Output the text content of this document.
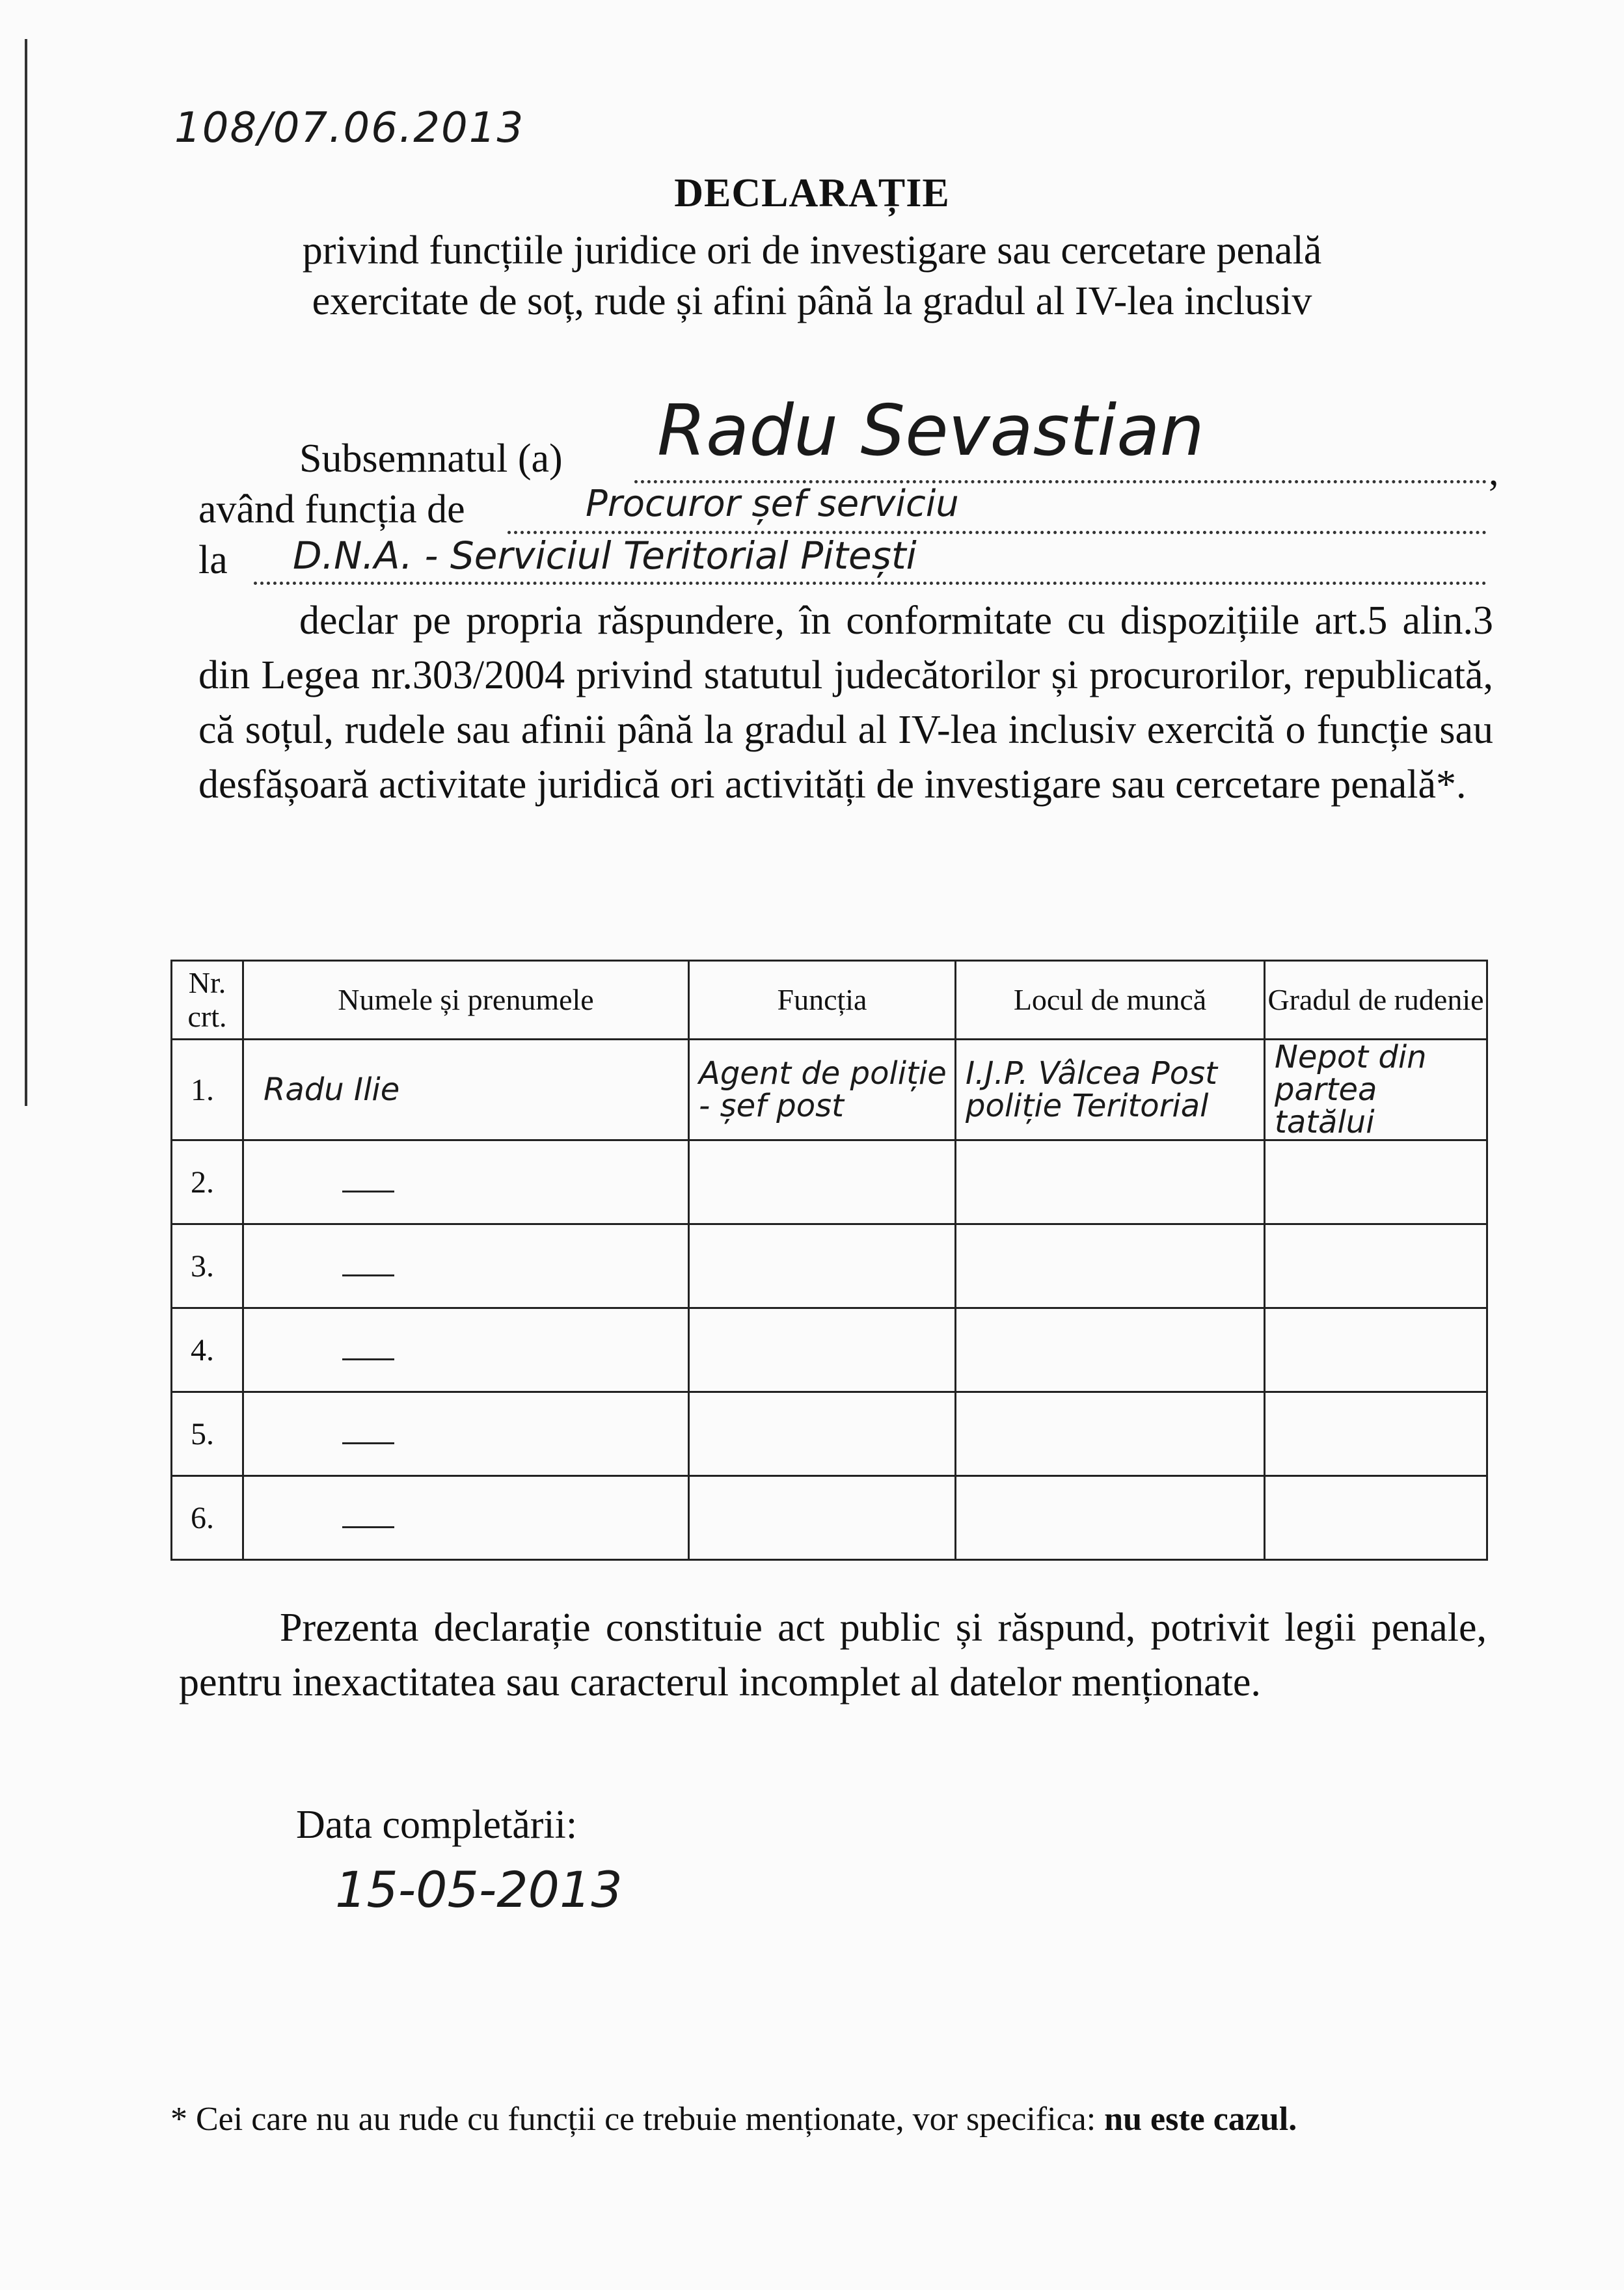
108/07.06.2013
DECLARAȚIE
privind funcțiile juridice ori de investigare sau cercetare penală
exercitate de soț, rude și afini până la gradul al IV-lea inclusiv
Subsemnatul (a) Radu Sevastian	,
având funcția de	Procuror șef serviciu
la D.N.A. - Serviciul Teritorial Pitești
declar pe propria răspundere, în conformitate cu dispozițiile art.5 alin.3 din Legea nr.303/2004 privind statutul judecătorilor și procurorilor, republicată, că soțul, rudele sau afinii până la gradul al IV-lea inclusiv exercită o funcție sau desfășoară activitate juridică ori activități de investigare sau cercetare penală*.
Nr. crt.	Numele și prenumele	Funcția	Locul de muncă	Gradul de rudenie
1.	Radu Ilie	Agent de poliție - șef post	I.J.P. Vâlcea Post poliție Teritorial	Nepot din partea tatălui
2.				
3.				
4.				
5.				
6.				
Prezenta declarație constituie act public și răspund, potrivit legii penale, pentru inexactitatea sau caracterul incomplet al datelor menționate.
Data completării:
15-05-2013
* Cei care nu au rude cu funcții ce trebuie menționate, vor specifica: nu este cazul.
